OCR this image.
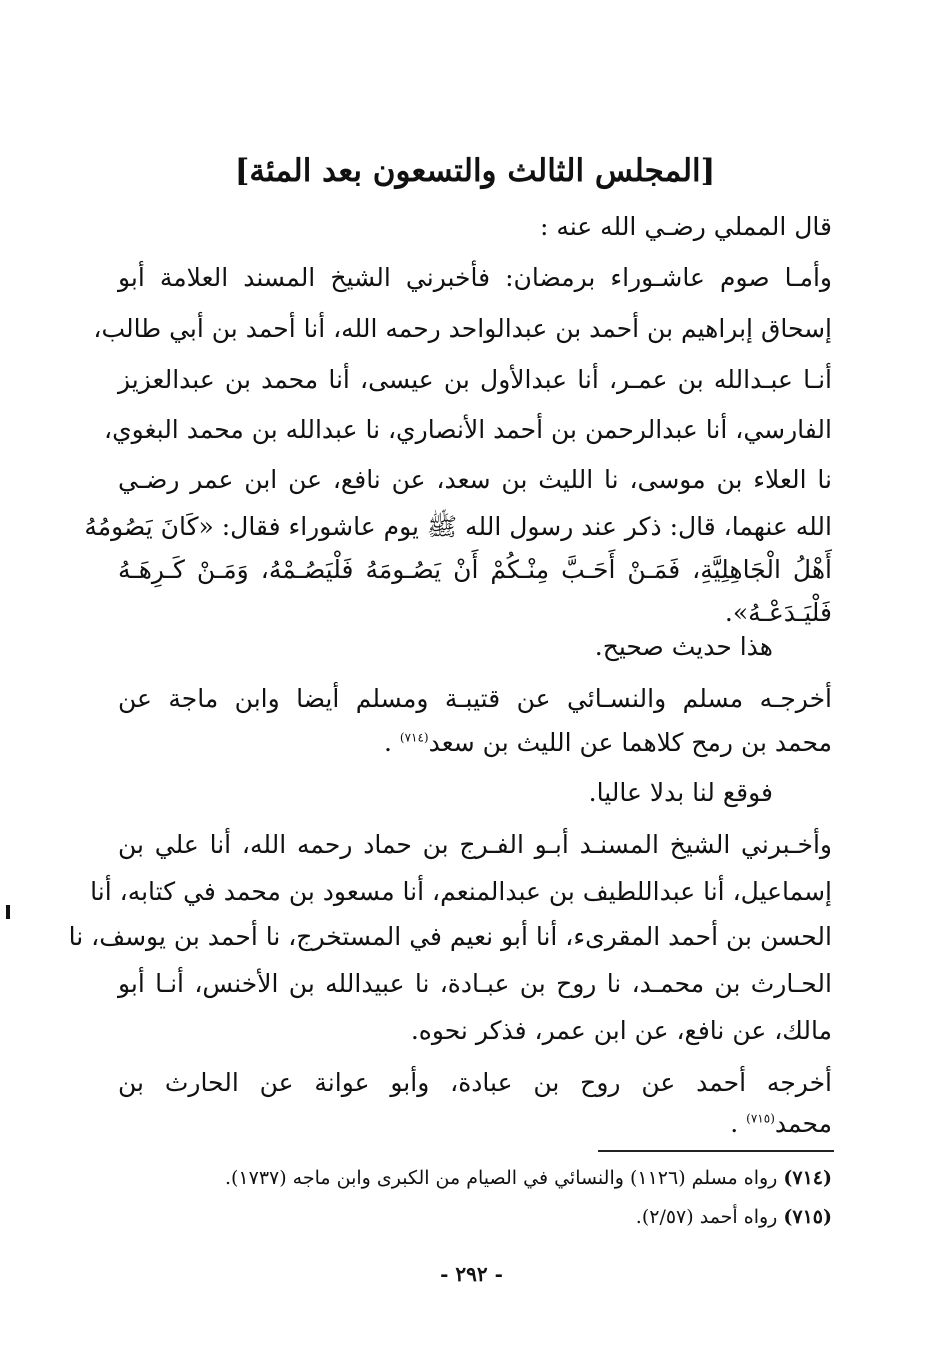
[المجلس الثالث والتسعون بعد المئة]
قال المملي رضـي الله عنه :
وأمـا صوم عاشـوراء برمضان: فأخبرني الشيخ المسند العلامة أبو
إسحاق إبراهيم بن أحمد بن عبدالواحد رحمه الله، أنا أحمد بن أبي طالب،
أنـا عبـدالله بن عمـر، أنا عبدالأول بن عيسى، أنا محمد بن عبدالعزيز
الفارسي، أنا عبدالرحمن بن أحمد الأنصاري، نا عبدالله بن محمد البغوي،
نا العلاء بن موسى، نا الليث بن سعد، عن نافع، عن ابن عمر رضـي
الله عنهما، قال: ذكر عند رسول الله ﷺ يوم عاشوراء فقال: «كَانَ يَصُومُهُ
أَهْلُ الْجَاهِلِيَّةِ، فَمَـنْ أَحَـبَّ مِنْـكُمْ أَنْ يَصُـومَهُ فَلْيَصُـمْهُ، وَمَـنْ كَـرِهَـهُ
فَلْيَـدَعْـهُ».
هذا حديث صحيح.
أخرجـه مسلم والنسـائي عن قتيبـة ومسلم أيضا وابن ماجة عن
محمد بن رمح كلاهما عن الليث بن سعد$^{(٧١٤)}$ .
فوقع لنا بدلا عاليا.
وأخـبرني الشيخ المسنـد أبـو الفـرج بن حماد رحمه الله، أنا علي بن
إسماعيل، أنا عبداللطيف بن عبدالمنعم، أنا مسعود بن محمد في كتابه، أنا
الحسن بن أحمد المقرىء، أنا أبو نعيم في المستخرج، نا أحمد بن يوسف، نا
الحـارث بن محمـد، نا روح بن عبـادة، نا عبيدالله بن الأخنس، أنـا أبو
مالك، عن نافع، عن ابن عمر، فذكر نحوه.
أخرجه أحمد عن روح بن عبادة، وأبو عوانة عن الحارث بن
محمد$^{(٧١٥)}$ .
(٧١٤) رواه مسلم (١١٢٦) والنسائي في الصيام من الكبرى وابن ماجه (١٧٣٧).
(٧١٥) رواه أحمد (٢/٥٧).
- ٢٩٢ -
